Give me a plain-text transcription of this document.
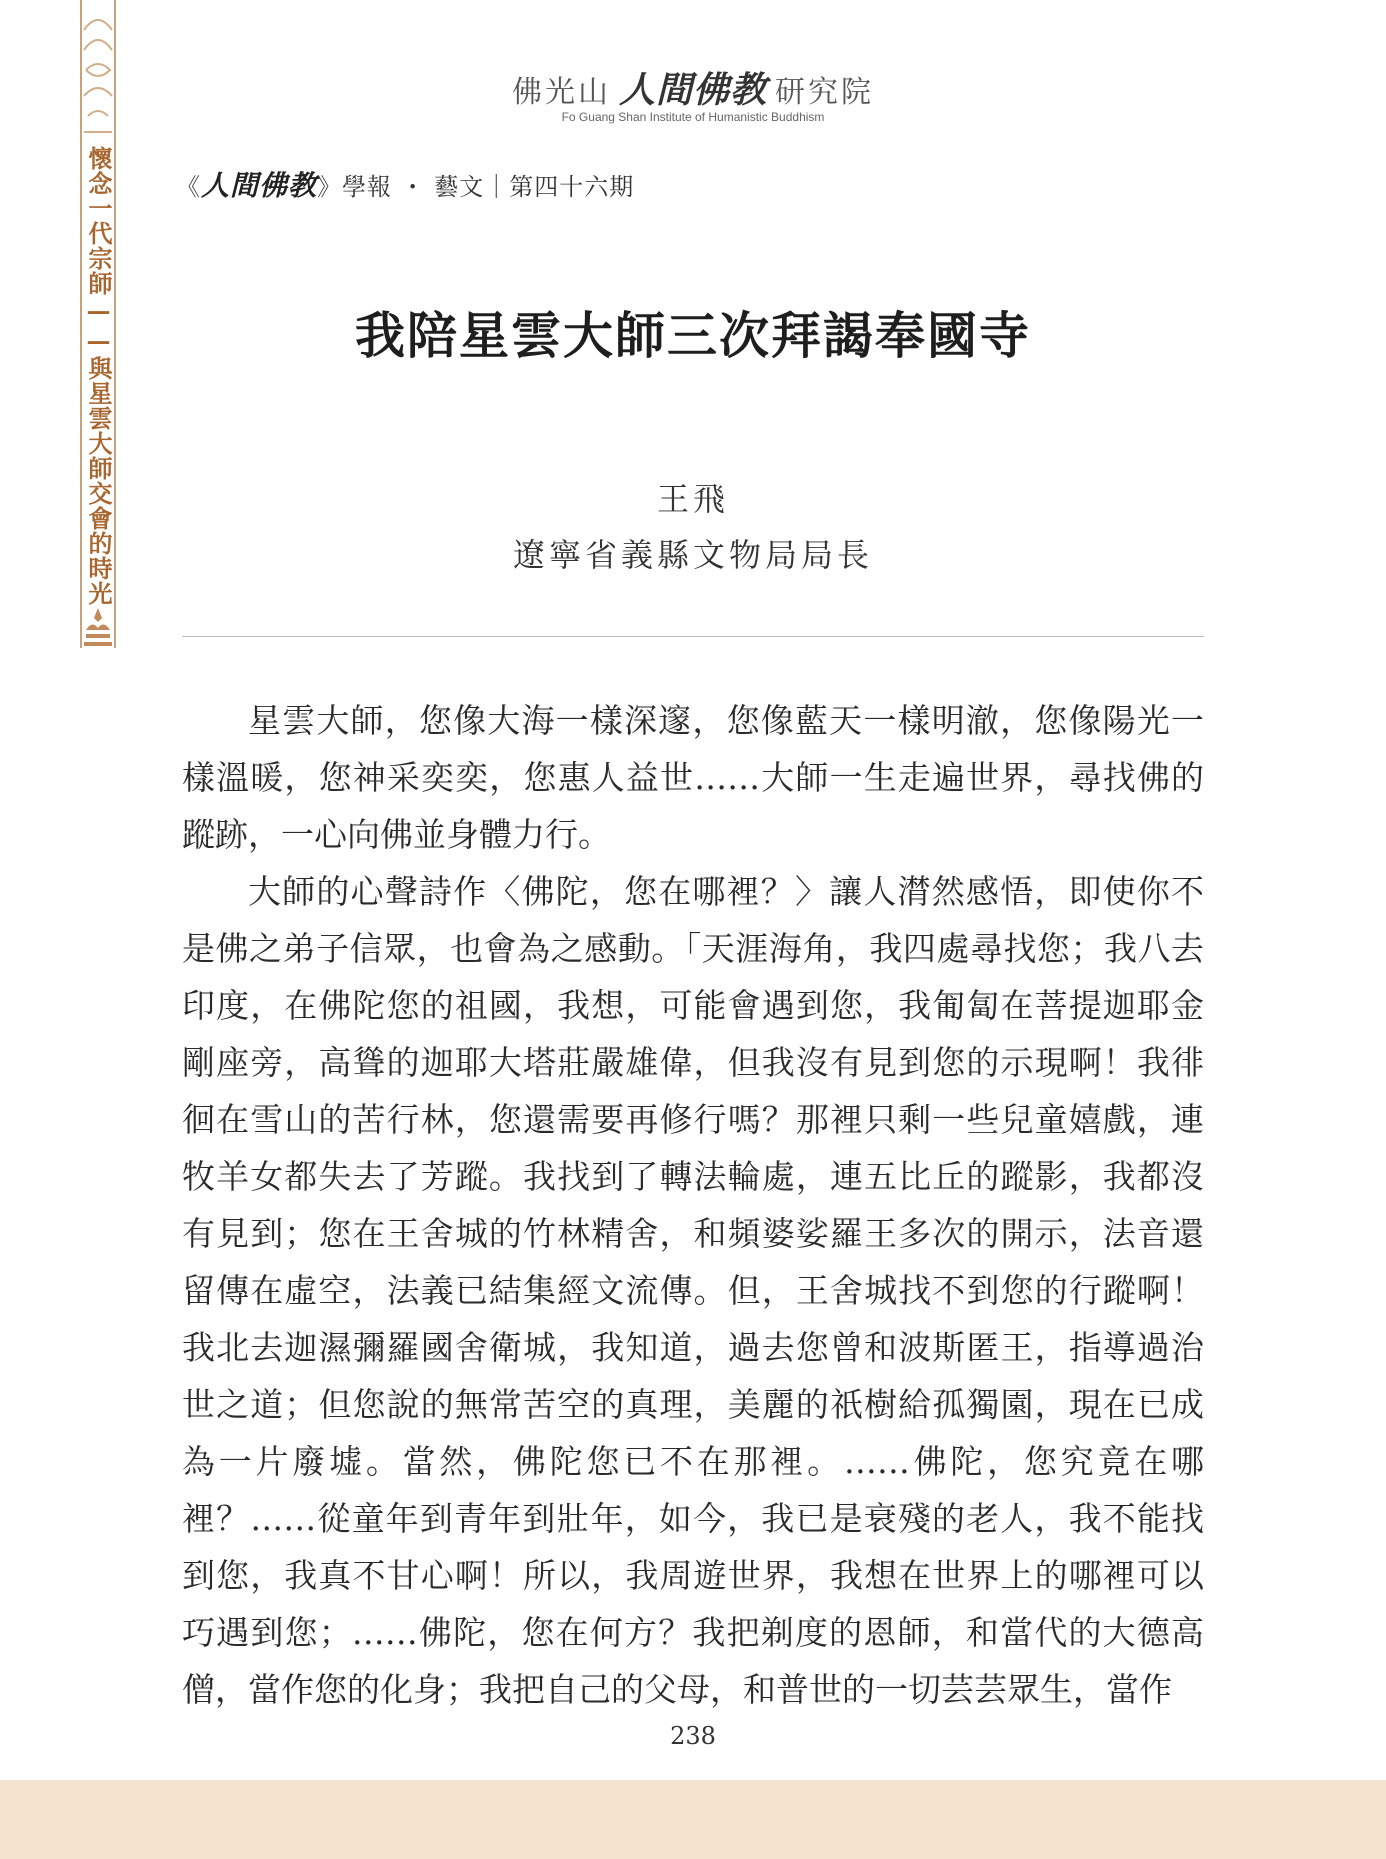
懷念一代宗師——與星雲大師交會的時光
佛光山 人間佛教 研究院
Fo Guang Shan Institute of Humanistic Buddhism
《人間佛教》學報 ・ 藝文｜第四十六期
我陪星雲大師三次拜謁奉國寺
王飛
遼寧省義縣文物局局長

星雲大師，您像大海一樣深邃，您像藍天一樣明澈，您像陽光一樣溫暖，您神采奕奕，您惠人益世……大師一生走遍世界，尋找佛的蹤跡，一心向佛並身體力行。

大師的心聲詩作〈佛陀，您在哪裡？〉讓人潸然感悟，即使你不是佛之弟子信眾，也會為之感動。「天涯海角，我四處尋找您；我八去印度，在佛陀您的祖國，我想，可能會遇到您，我匍匐在菩提迦耶金剛座旁，高聳的迦耶大塔莊嚴雄偉，但我沒有見到您的示現啊！我徘徊在雪山的苦行林，您還需要再修行嗎？那裡只剩一些兒童嬉戲，連牧羊女都失去了芳蹤。我找到了轉法輪處，連五比丘的蹤影，我都沒有見到；您在王舍城的竹林精舍，和頻婆娑羅王多次的開示，法音還留傳在虛空，法義已結集經文流傳。但，王舍城找不到您的行蹤啊！我北去迦濕彌羅國舍衛城，我知道，過去您曾和波斯匿王，指導過治世之道；但您說的無常苦空的真理，美麗的祇樹給孤獨園，現在已成為一片廢墟。當然，佛陀您已不在那裡。……佛陀，您究竟在哪裡？……從童年到青年到壯年，如今，我已是衰殘的老人，我不能找到您，我真不甘心啊！所以，我周遊世界，我想在世界上的哪裡可以巧遇到您；……佛陀，您在何方？我把剃度的恩師，和當代的大德高僧，當作您的化身；我把自己的父母，和普世的一切芸芸眾生，當作

238
